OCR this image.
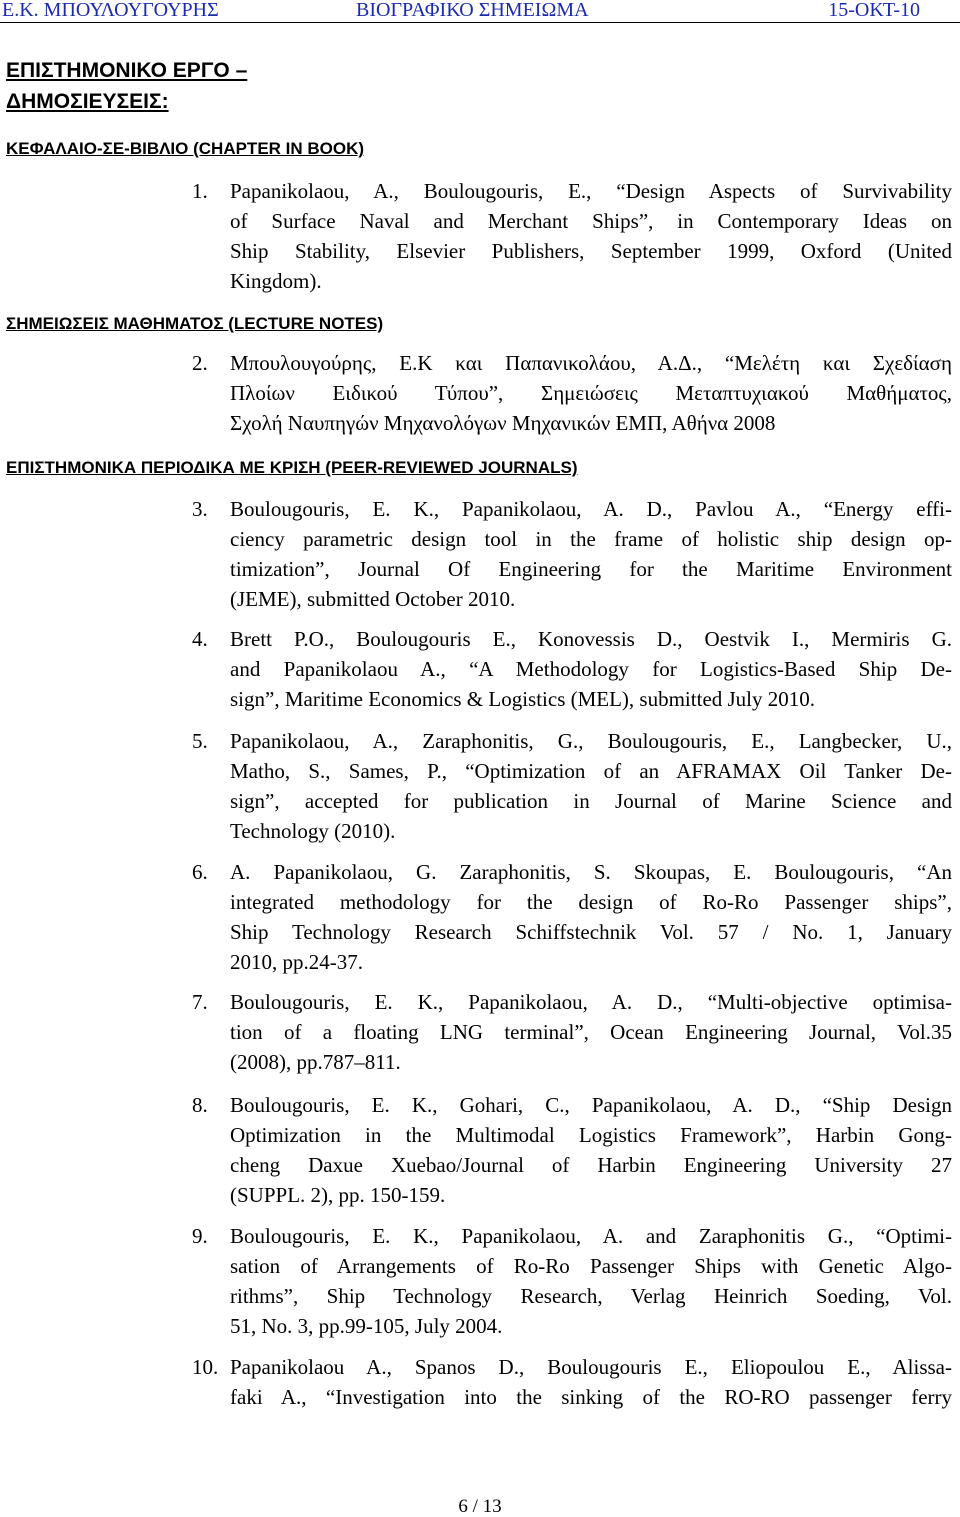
Ε.Κ. ΜΠΟΥΛΟΥΓΟΥΡΗΣ	ΒΙΟΓΡΑΦΙΚΟ ΣΗΜΕΙΩΜΑ	15-ΟΚΤ-10
ΕΠΙΣΤΗΜΟΝΙΚΟ ΕΡΓΟ –
ΔΗΜΟΣΙΕΥΣΕΙΣ:
ΚΕΦΑΛΑΙΟ-ΣΕ-ΒΙΒΛΙΟ (CHAPTER IN BOOK)
1. Papanikolaou, A., Boulougouris, E., “Design Aspects of Survivability
of Surface Naval and Merchant Ships”, in Contemporary Ideas on
Ship Stability, Elsevier Publishers, September 1999, Oxford (United
Kingdom).
ΣΗΜΕΙΩΣΕΙΣ ΜΑΘΗΜΑΤΟΣ (LECTURE NOTES)
2. Μπουλουγούρης, Ε.Κ και Παπανικολάου, Α.Δ., “Μελέτη και Σχεδίαση
Πλοίων Ειδικού Τύπου”, Σημειώσεις Μεταπτυχιακού Μαθήματος,
Σχολή Ναυπηγών Μηχανολόγων Μηχανικών ΕΜΠ, Αθήνα 2008
ΕΠΙΣΤΗΜΟΝΙΚΑ ΠΕΡΙΟΔΙΚΑ ΜΕ ΚΡΙΣΗ (PEER-REVIEWED JOURNALS)
3. Boulougouris, E. K., Papanikolaou, A. D., Pavlou A., “Energy effi-
ciency parametric design tool in the frame of holistic ship design op-
timization”, Journal Of Engineering for the Maritime Environment
(JEME), submitted October 2010.
4. Brett P.O., Boulougouris E., Konovessis D., Oestvik I., Mermiris G.
and Papanikolaou A., “A Methodology for Logistics-Based Ship De-
sign”, Maritime Economics & Logistics (MEL), submitted July 2010.
5. Papanikolaou, A., Zaraphonitis, G., Boulougouris, E., Langbecker, U.,
Matho, S., Sames, P., “Optimization of an AFRAMAX Oil Tanker De-
sign”, accepted for publication in Journal of Marine Science and
Technology (2010).
6. A. Papanikolaou, G. Zaraphonitis, S. Skoupas, E. Boulougouris, “An
integrated methodology for the design of Ro-Ro Passenger ships”,
Ship Technology Research Schiffstechnik Vol. 57 / No. 1, January
2010, pp.24-37.
7. Boulougouris, E. K., Papanikolaou, A. D., “Multi-objective optimisa-
tion of a floating LNG terminal”, Ocean Engineering Journal, Vol.35
(2008), pp.787–811.
8. Boulougouris, E. K., Gohari, C., Papanikolaou, A. D., “Ship Design
Optimization in the Multimodal Logistics Framework”, Harbin Gong-
cheng Daxue Xuebao/Journal of Harbin Engineering University 27
(SUPPL. 2), pp. 150-159.
9. Boulougouris, E. K., Papanikolaou, A. and Zaraphonitis G., “Optimi-
sation of Arrangements of Ro-Ro Passenger Ships with Genetic Algo-
rithms”, Ship Technology Research, Verlag Heinrich Soeding, Vol.
51, No. 3, pp.99-105, July 2004.
10. Papanikolaou A., Spanos D., Boulougouris E., Eliopoulou E., Alissa-
faki A., “Investigation into the sinking of the RO-RO passenger ferry
6 / 13
